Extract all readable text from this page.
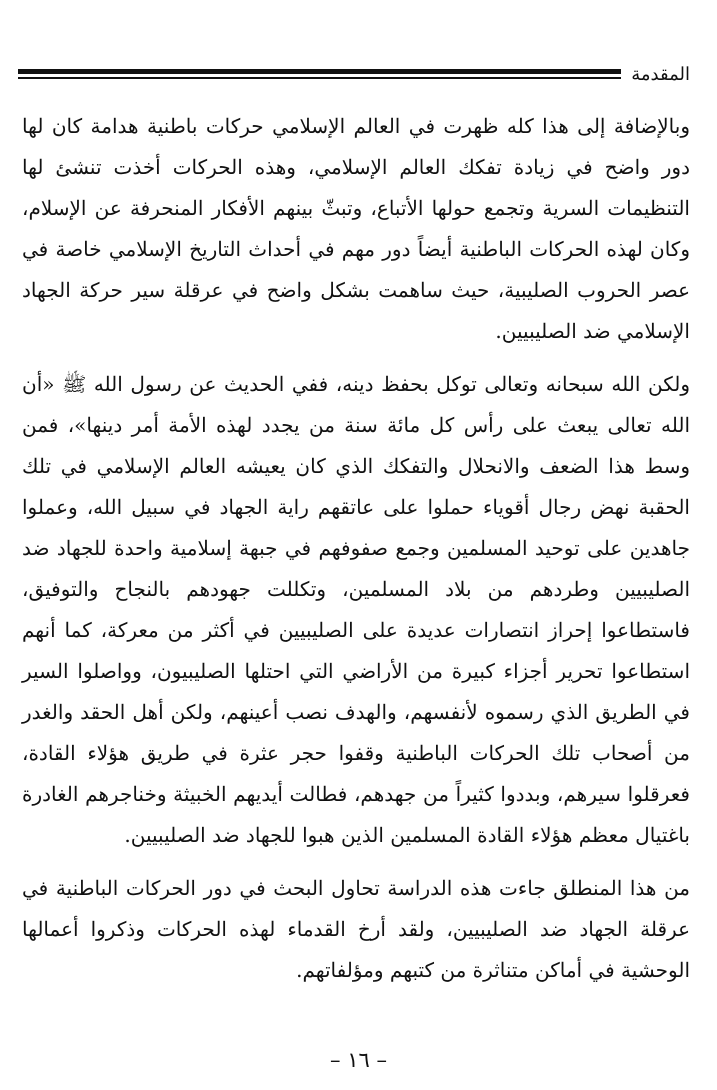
المقدمة

وبالإضافة إلى هذا كله ظهرت في العالم الإسلامي حركات باطنية هدامة كان لها دور واضح في زيادة تفكك العالم الإسلامي، وهذه الحركات أخذت تنشئ لها التنظيمات السرية وتجمع حولها الأتباع، وتبثّ بينهم الأفكار المنحرفة عن الإسلام، وكان لهذه الحركات الباطنية أيضاً دور مهم في أحداث التاريخ الإسلامي خاصة في عصر الحروب الصليبية، حيث ساهمت بشكل واضح في عرقلة سير حركة الجهاد الإسلامي ضد الصليبيين.

ولكن الله سبحانه وتعالى توكل بحفظ دينه، ففي الحديث عن رسول الله ﷺ «أن الله تعالى يبعث على رأس كل مائة سنة من يجدد لهذه الأمة أمر دينها»، فمن وسط هذا الضعف والانحلال والتفكك الذي كان يعيشه العالم الإسلامي في تلك الحقبة نهض رجال أقوياء حملوا على عاتقهم راية الجهاد في سبيل الله، وعملوا جاهدين على توحيد المسلمين وجمع صفوفهم في جبهة إسلامية واحدة للجهاد ضد الصليبيين وطردهم من بلاد المسلمين، وتكللت جهودهم بالنجاح والتوفيق، فاستطاعوا إحراز انتصارات عديدة على الصليبيين في أكثر من معركة، كما أنهم استطاعوا تحرير أجزاء كبيرة من الأراضي التي احتلها الصليبيون، وواصلوا السير في الطريق الذي رسموه لأنفسهم، والهدف نصب أعينهم، ولكن أهل الحقد والغدر من أصحاب تلك الحركات الباطنية وقفوا حجر عثرة في طريق هؤلاء القادة، فعرقلوا سيرهم، وبددوا كثيراً من جهدهم، فطالت أيديهم الخبيثة وخناجرهم الغادرة باغتيال معظم هؤلاء القادة المسلمين الذين هبوا للجهاد ضد الصليبيين.

من هذا المنطلق جاءت هذه الدراسة تحاول البحث في دور الحركات الباطنية في عرقلة الجهاد ضد الصليبيين، ولقد أرخ القدماء لهذه الحركات وذكروا أعمالها الوحشية في أماكن متناثرة من كتبهم ومؤلفاتهم.

– ١٦ –
